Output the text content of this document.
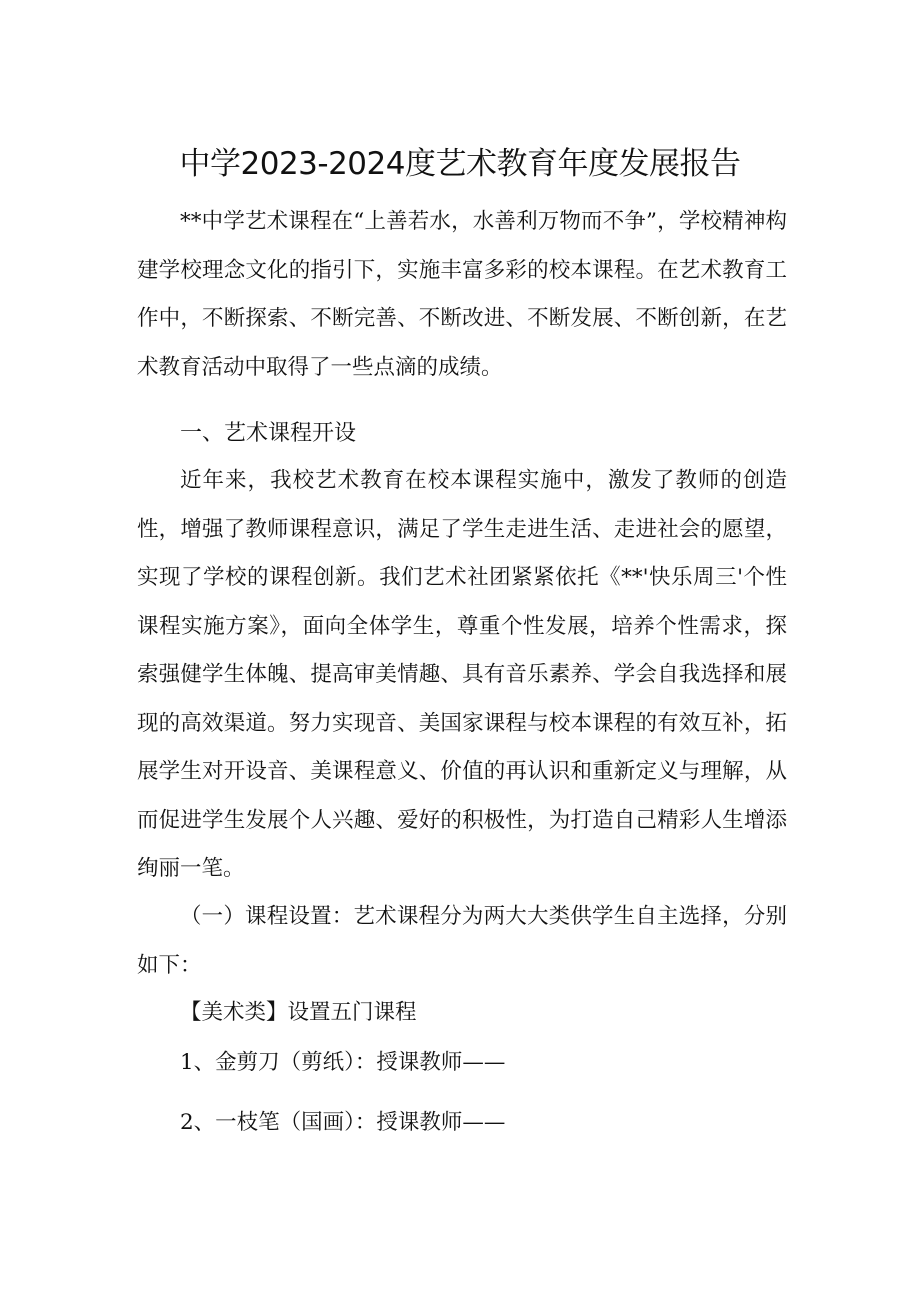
中学2023-2024度艺术教育年度发展报告

**中学艺术课程在“上善若水，水善利万物而不争”，学校精神构建学校理念文化的指引下，实施丰富多彩的校本课程。在艺术教育工作中，不断探索、不断完善、不断改进、不断发展、不断创新，在艺术教育活动中取得了一些点滴的成绩。

一、艺术课程开设

近年来，我校艺术教育在校本课程实施中，激发了教师的创造性，增强了教师课程意识，满足了学生走进生活、走进社会的愿望，实现了学校的课程创新。我们艺术社团紧紧依托《**'快乐周三'个性课程实施方案》，面向全体学生，尊重个性发展，培养个性需求，探索强健学生体魄、提高审美情趣、具有音乐素养、学会自我选择和展现的高效渠道。努力实现音、美国家课程与校本课程的有效互补，拓展学生对开设音、美课程意义、价值的再认识和重新定义与理解，从而促进学生发展个人兴趣、爱好的积极性，为打造自己精彩人生增添绚丽一笔。

（一）课程设置：艺术课程分为两大大类供学生自主选择，分别如下：

【美术类】设置五门课程
1、金剪刀（剪纸）：授课教师——
2、一枝笔（国画）：授课教师——
